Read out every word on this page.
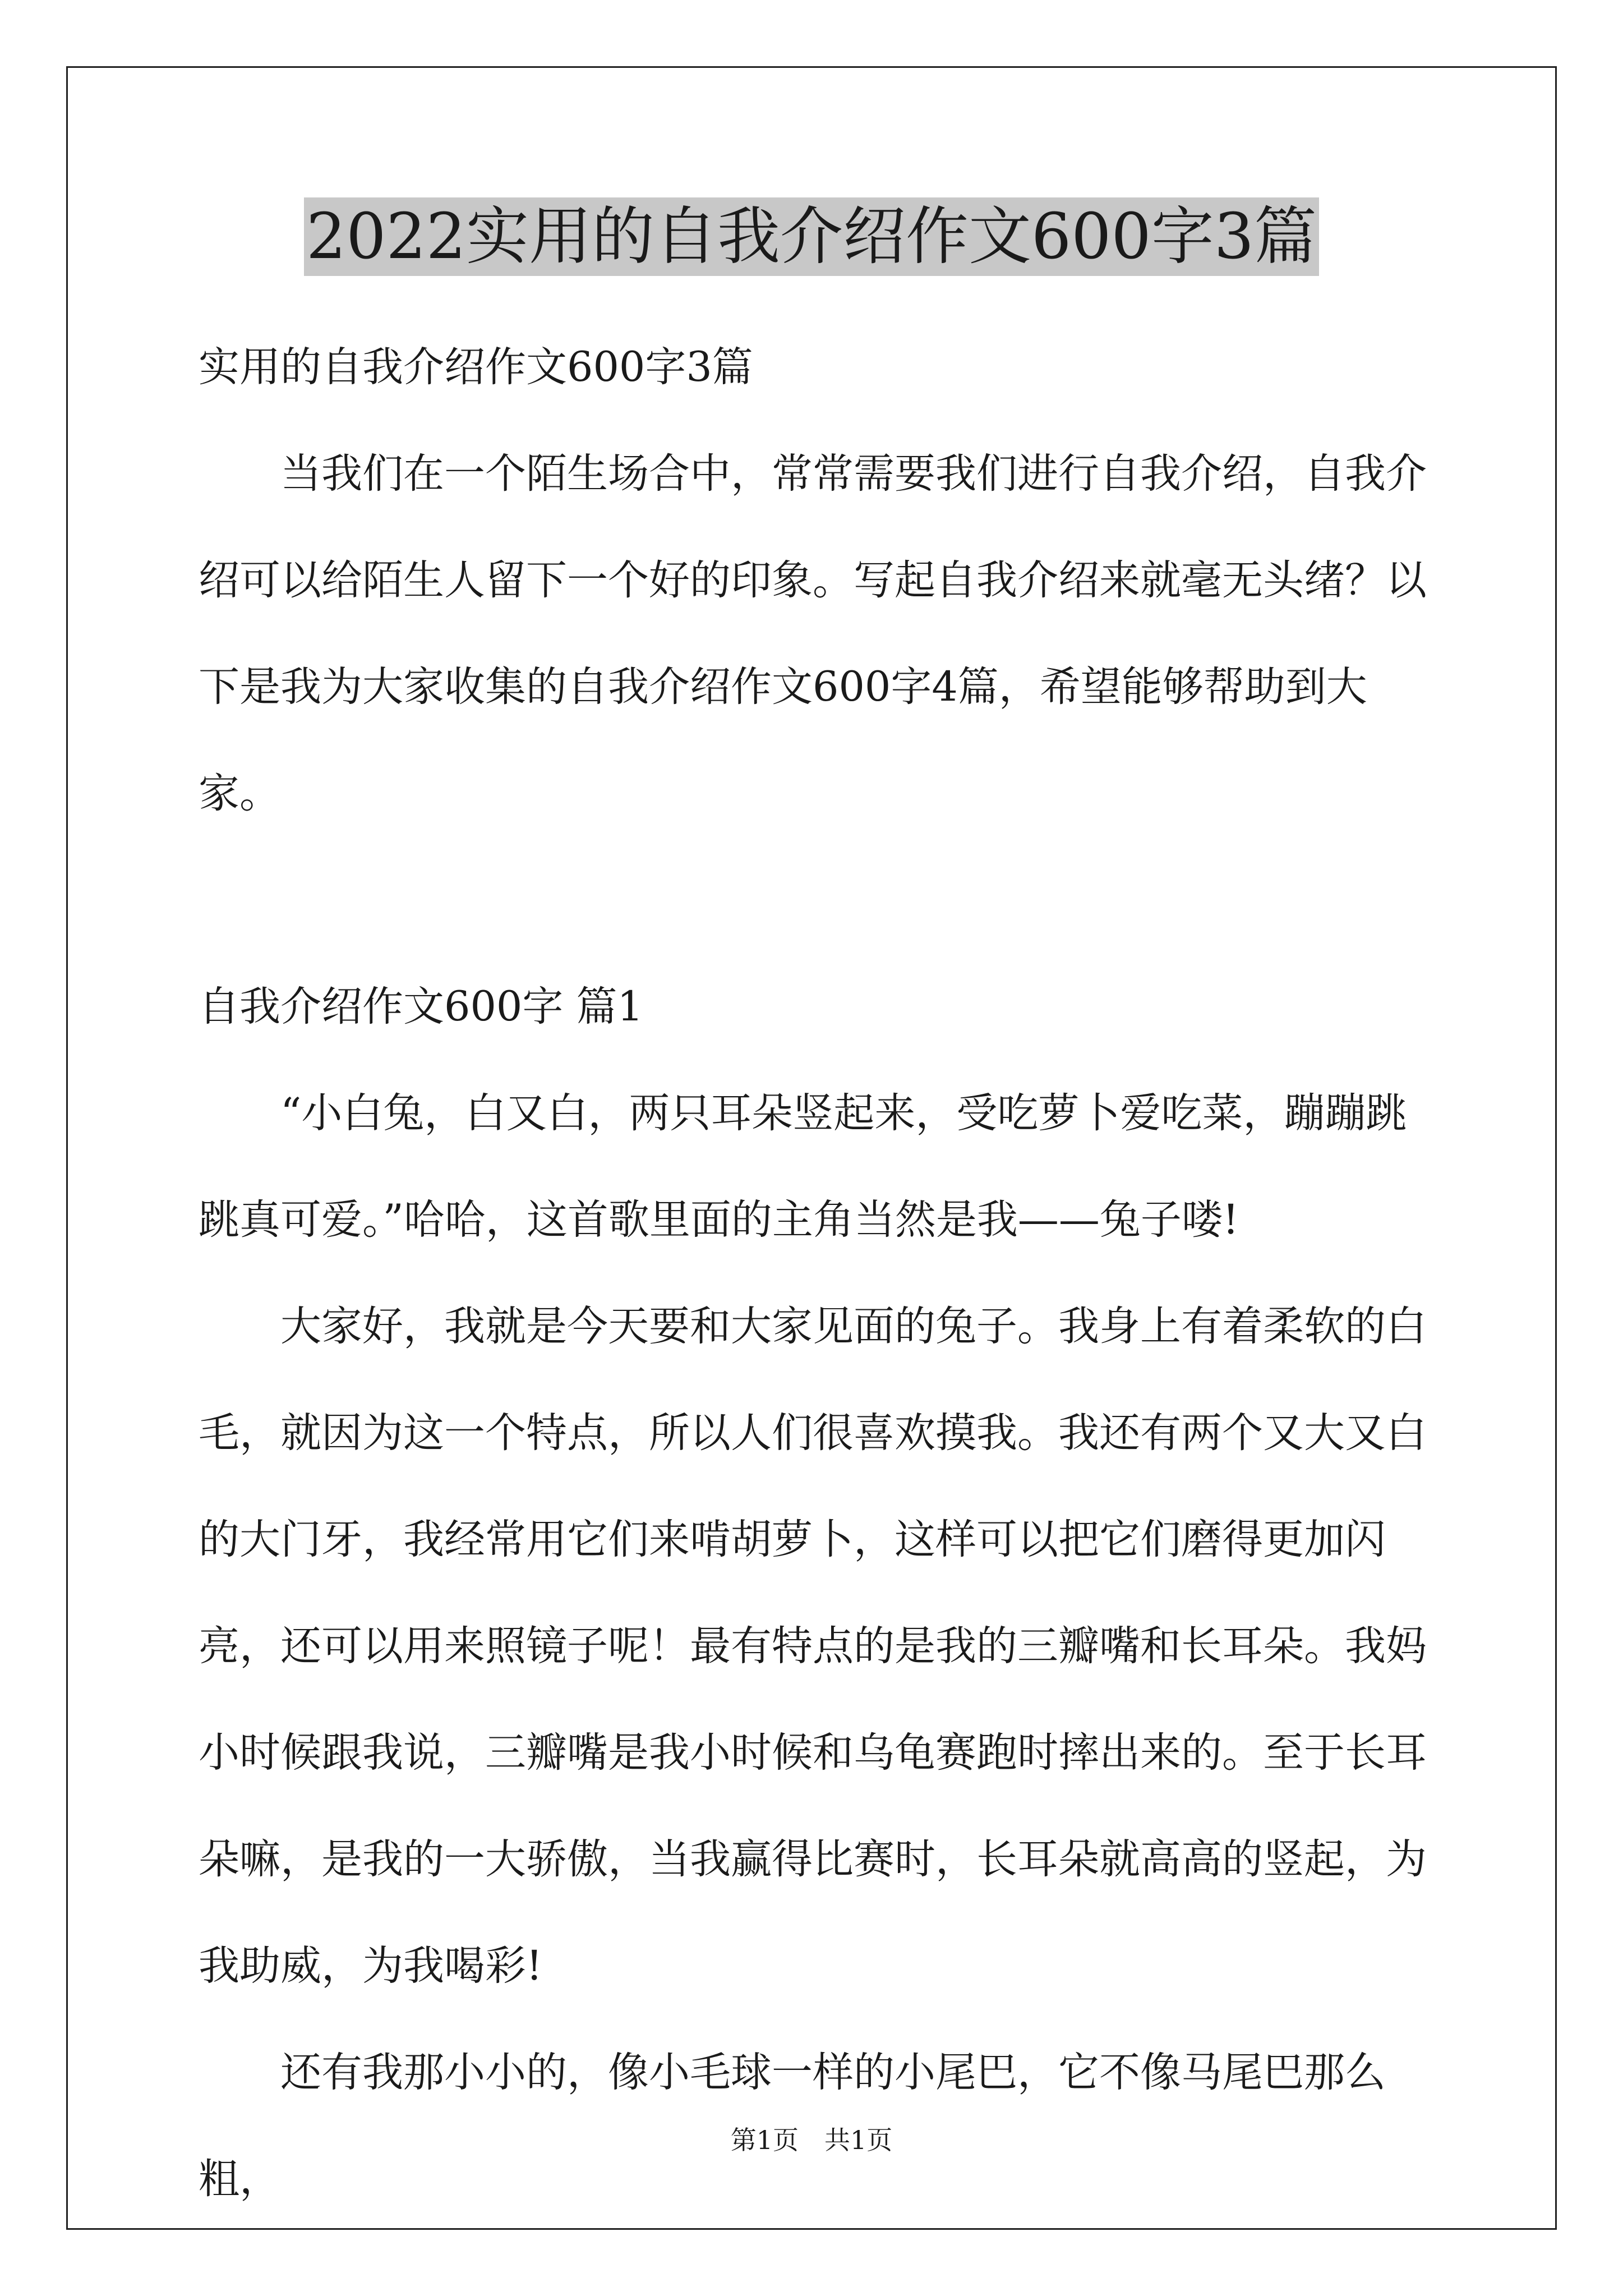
2022实用的自我介绍作文600字3篇

实用的自我介绍作文600字3篇

当我们在一个陌生场合中，常常需要我们进行自我介绍，自我介绍可以给陌生人留下一个好的印象。写起自我介绍来就毫无头绪？以下是我为大家收集的自我介绍作文600字4篇，希望能够帮助到大家。

自我介绍作文600字 篇1

“小白兔，白又白，两只耳朵竖起来，受吃萝卜爱吃菜，蹦蹦跳跳真可爱。”哈哈，这首歌里面的主角当然是我——兔子喽!

大家好，我就是今天要和大家见面的兔子。我身上有着柔软的白毛，就因为这一个特点，所以人们很喜欢摸我。我还有两个又大又白的大门牙，我经常用它们来啃胡萝卜，这样可以把它们磨得更加闪亮，还可以用来照镜子呢！最有特点的是我的三瓣嘴和长耳朵。我妈小时候跟我说，三瓣嘴是我小时候和乌龟赛跑时摔出来的。至于长耳朵嘛，是我的一大骄傲，当我赢得比赛时，长耳朵就高高的竖起，为我助威，为我喝彩!

还有我那小小的，像小毛球一样的小尾巴，它不像马尾巴那么粗，

第1页　共1页
